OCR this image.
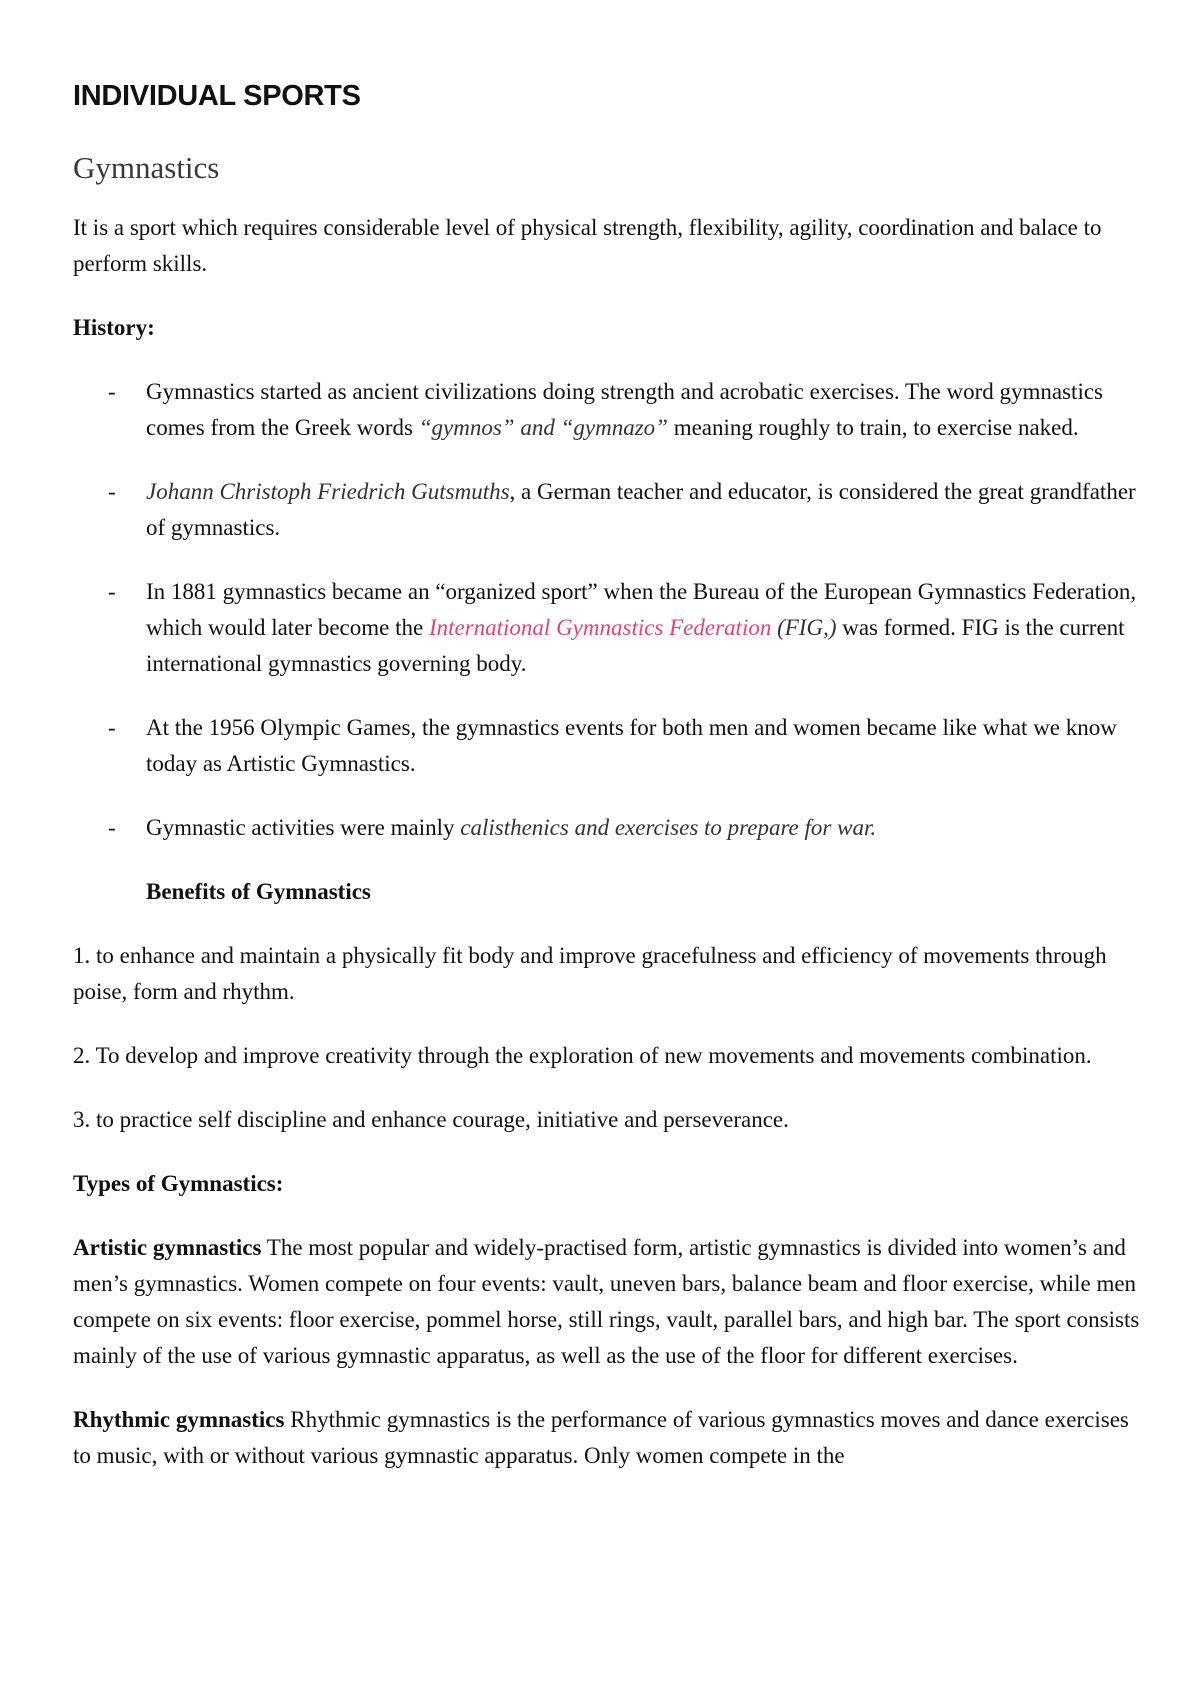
INDIVIDUAL SPORTS
Gymnastics

It is a sport which requires considerable level of physical strength, flexibility, agility, coordination and balace to perform skills.

History:

- Gymnastics started as ancient civilizations doing strength and acrobatic exercises. The word gymnastics comes from the Greek words “gymnos” and “gymnazo” meaning roughly to train, to exercise naked.
- Johann Christoph Friedrich Gutsmuths, a German teacher and educator, is considered the great grandfather of gymnastics.
- In 1881 gymnastics became an “organized sport” when the Bureau of the European Gymnastics Federation, which would later become the International Gymnastics Federation (FIG,) was formed. FIG is the current international gymnastics governing body.
- At the 1956 Olympic Games, the gymnastics events for both men and women became like what we know today as Artistic Gymnastics.
- Gymnastic activities were mainly calisthenics and exercises to prepare for war.

Benefits of Gymnastics

1. to enhance and maintain a physically fit body and improve gracefulness and efficiency of movements through poise, form and rhythm.

2. To develop and improve creativity through the exploration of new movements and movements combination.

3. to practice self discipline and enhance courage, initiative and perseverance.

Types of Gymnastics:

Artistic gymnastics The most popular and widely-practised form, artistic gymnastics is divided into women’s and men’s gymnastics. Women compete on four events: vault, uneven bars, balance beam and floor exercise, while men compete on six events: floor exercise, pommel horse, still rings, vault, parallel bars, and high bar. The sport consists mainly of the use of various gymnastic apparatus, as well as the use of the floor for different exercises.

Rhythmic gymnastics Rhythmic gymnastics is the performance of various gymnastics moves and dance exercises to music, with or without various gymnastic apparatus. Only women compete in the
